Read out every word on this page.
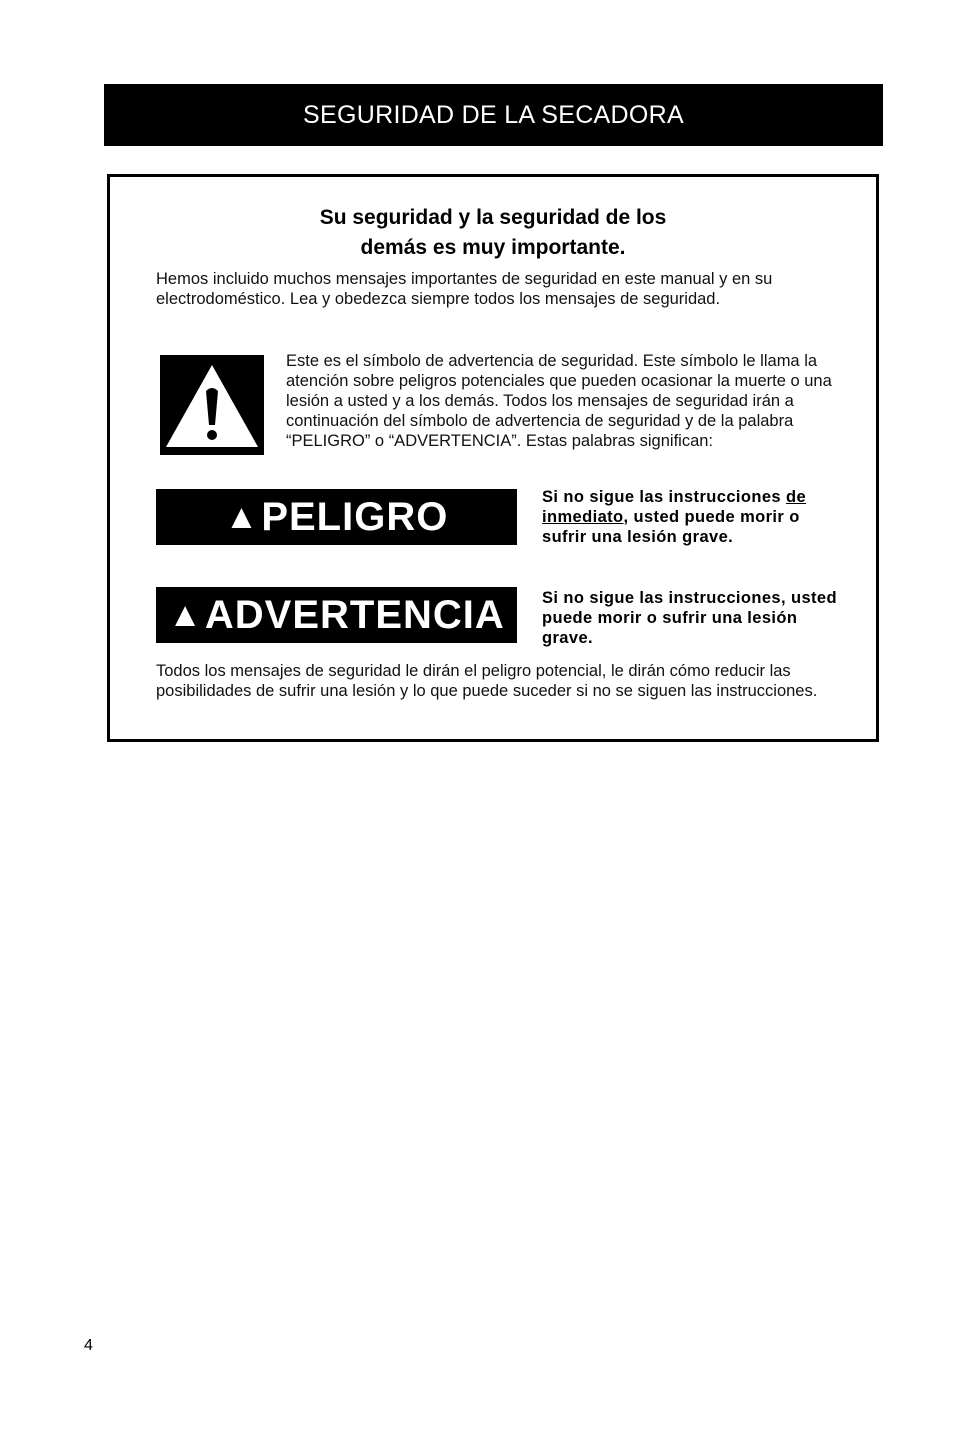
SEGURIDAD DE LA SECADORA
Su seguridad y la seguridad de los
demás es muy importante.
Hemos incluido muchos mensajes importantes de seguridad en este manual y en su electrodoméstico. Lea y obedezca siempre todos los mensajes de seguridad.
Este es el símbolo de advertencia de seguridad. Este símbolo le llama la atención sobre peligros potenciales que pueden ocasionar la muerte o una lesión a usted y a los demás. Todos los mensajes de seguridad irán a continuación del símbolo de advertencia de seguridad y de la palabra “PELIGRO” o “ADVERTENCIA”. Estas palabras significan:
▲ PELIGRO	Si no sigue las instrucciones de inmediato, usted puede morir o sufrir una lesión grave.
▲ ADVERTENCIA Si no sigue las instrucciones, usted puede morir o sufrir una lesión grave.
Todos los mensajes de seguridad le dirán el peligro potencial, le dirán cómo reducir las posibilidades de sufrir una lesión y lo que puede suceder si no se siguen las instrucciones.
4
